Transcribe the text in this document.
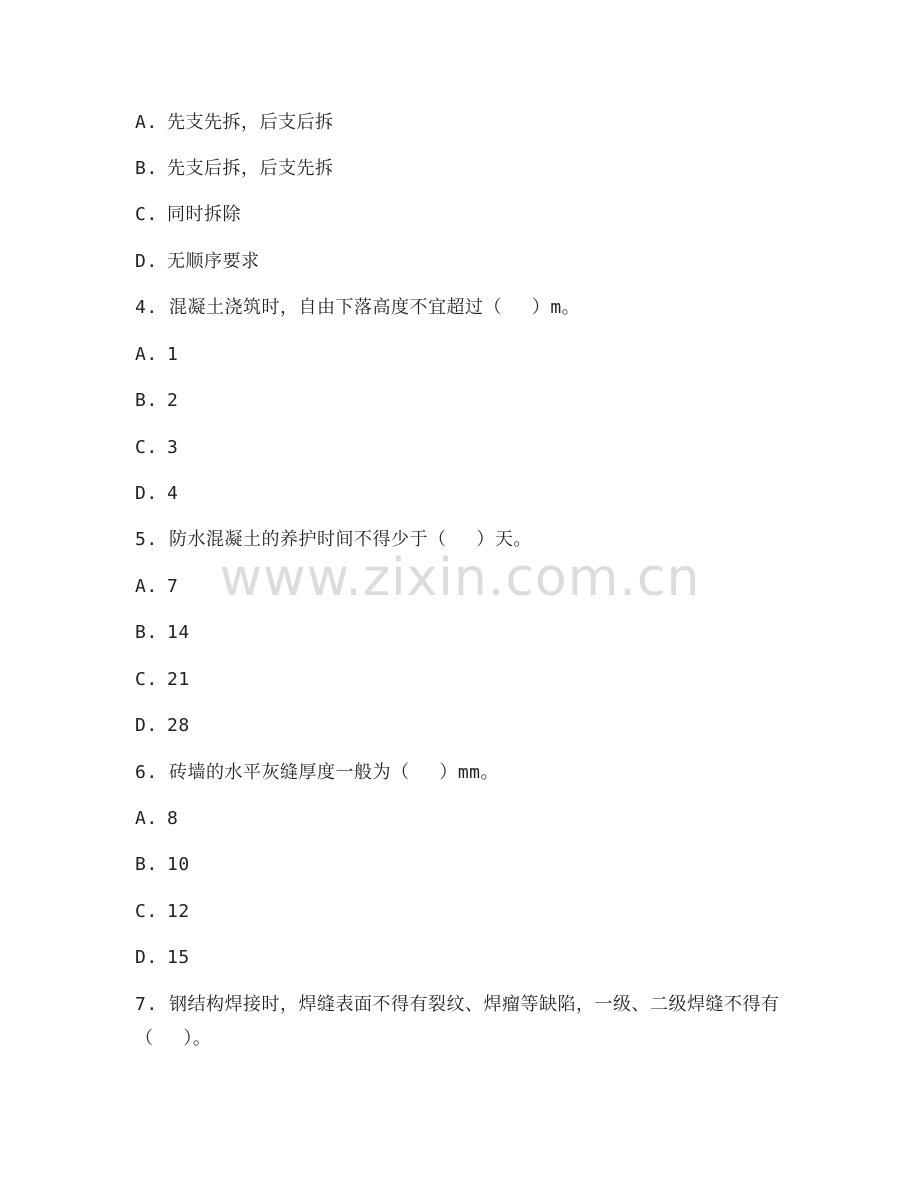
A. 先支先拆，后支后拆
B. 先支后拆，后支先拆
C. 同时拆除
D. 无顺序要求
4. 混凝土浇筑时，自由下落高度不宜超过（　 ）m。
A. 1
B. 2
C. 3
D. 4
5. 防水混凝土的养护时间不得少于（　 ）天。
A. 7
B. 14
C. 21
D. 28
6. 砖墙的水平灰缝厚度一般为（　 ）mm。
A. 8
B. 10
C. 12
D. 15
7. 钢结构焊接时，焊缝表面不得有裂纹、焊瘤等缺陷，一级、二级焊缝不得有（　 ）。
www.zixin.com.cn
